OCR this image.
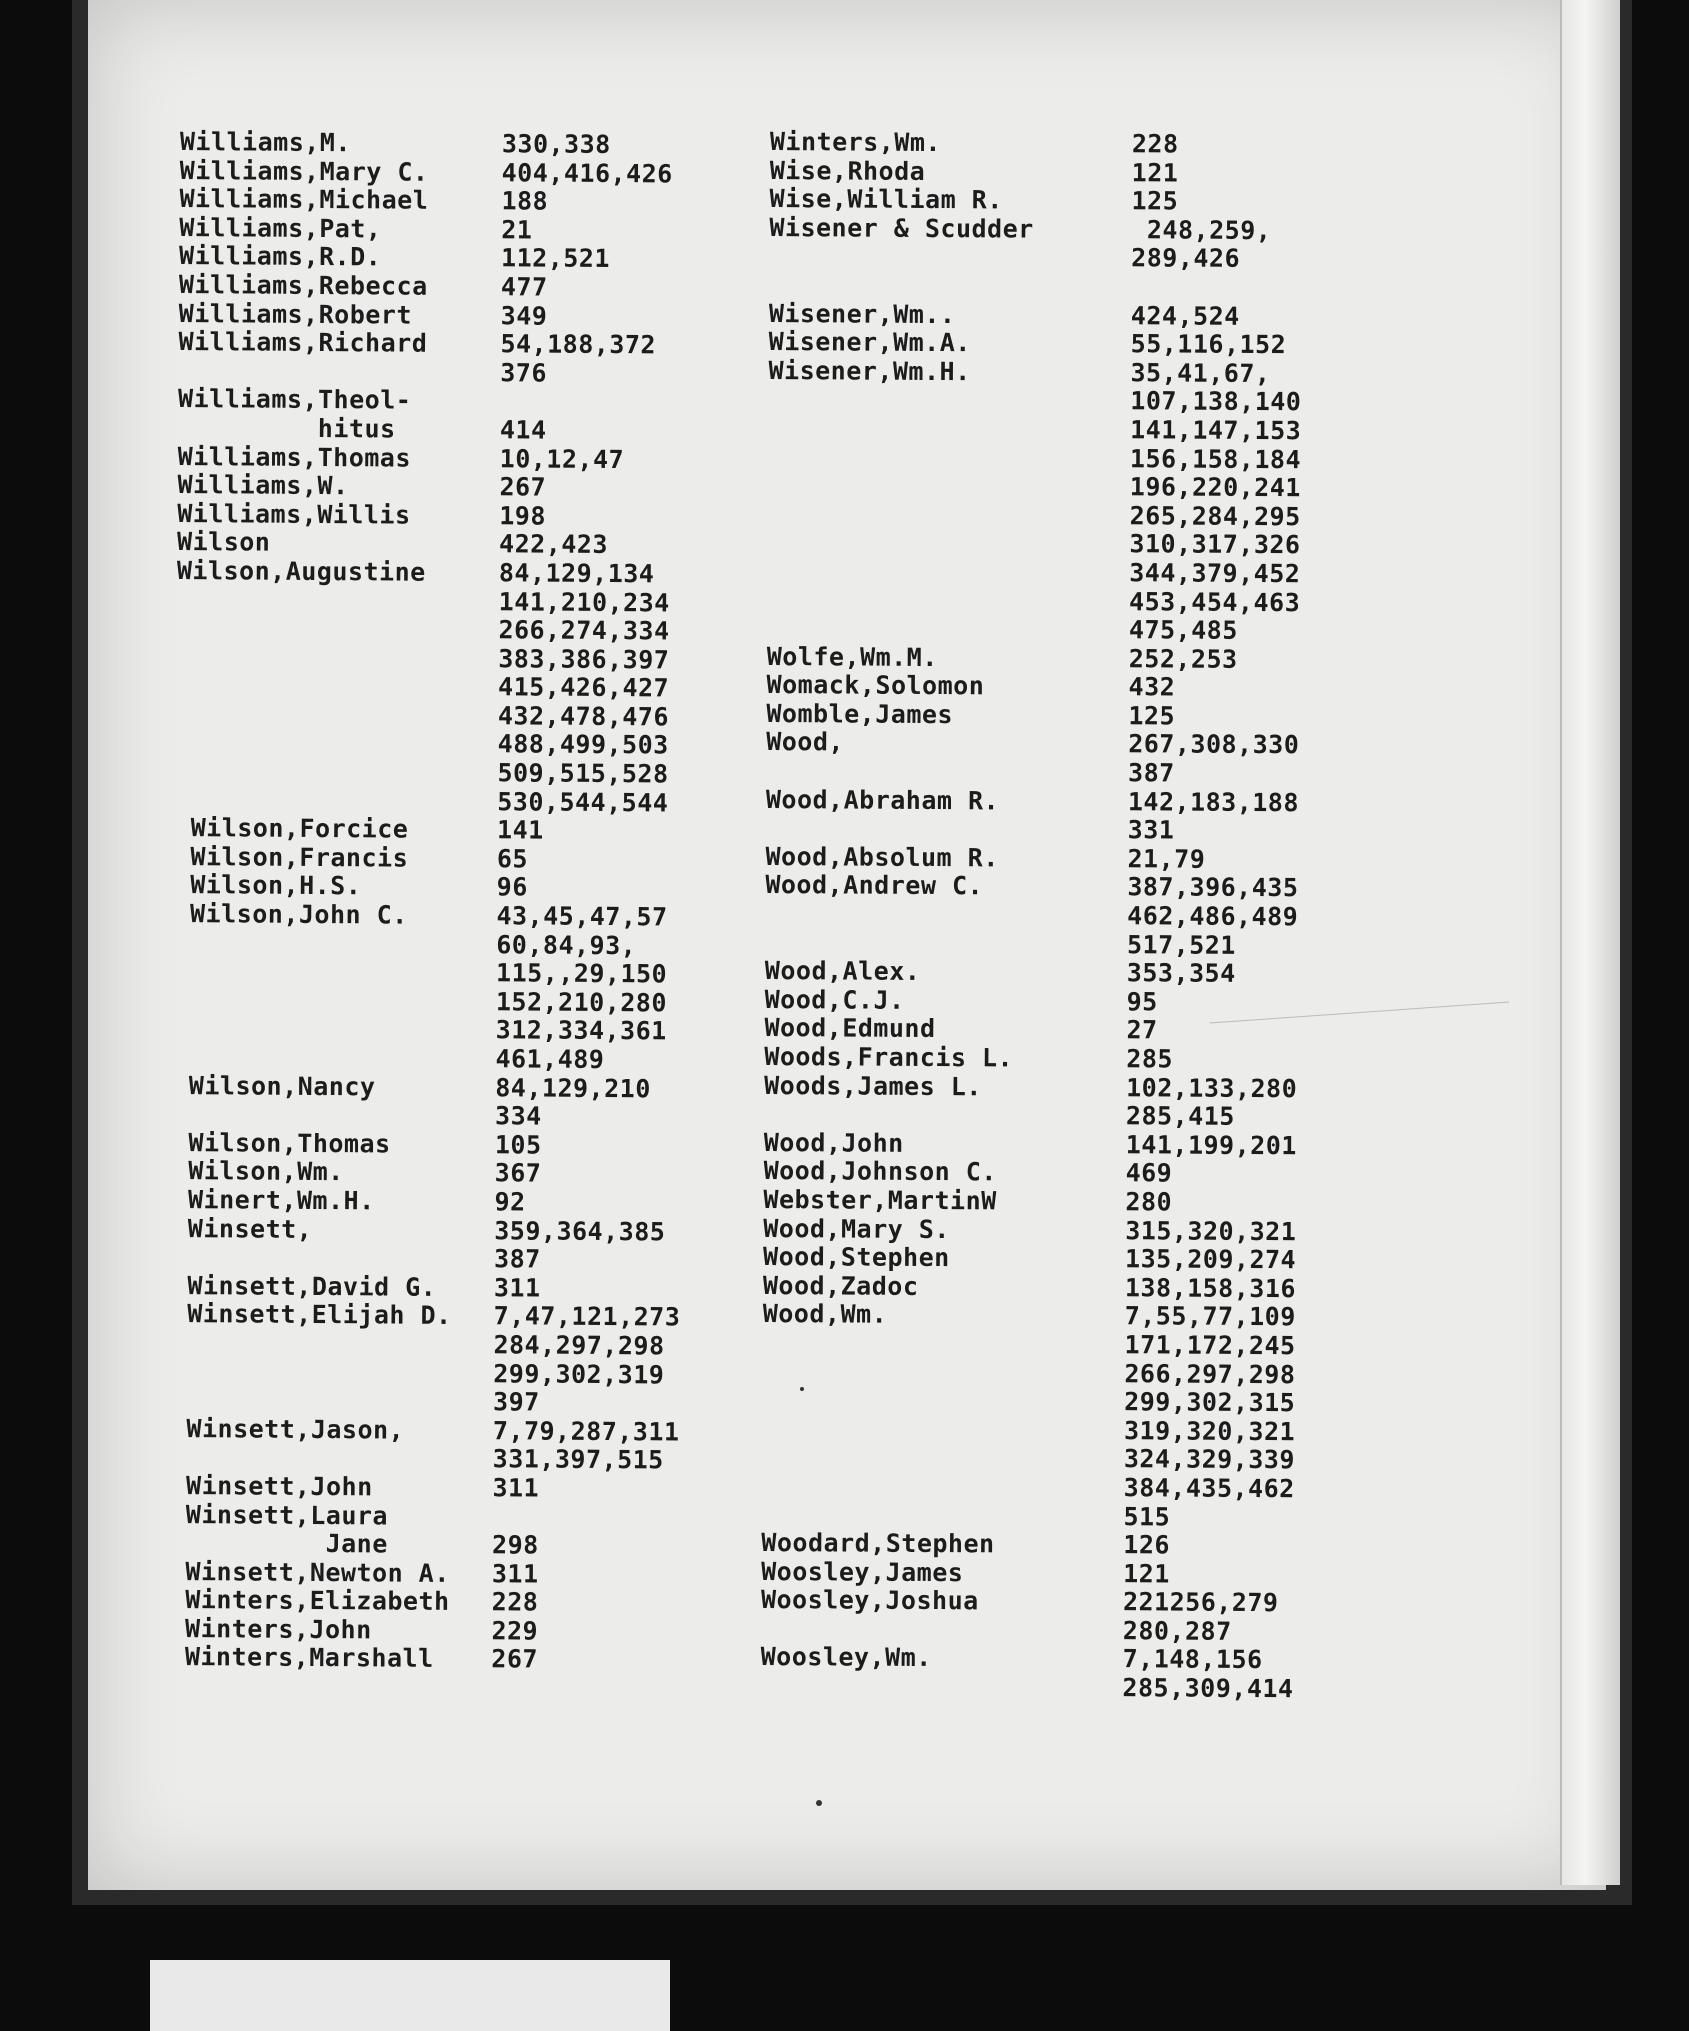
Williams,M.	330,338
Williams,Mary C.	404,416,426
Williams,Michael	188
Williams,Pat,	21
Williams,R.D.	112,521
Williams,Rebecca	477
Williams,Robert	349
Williams,Richard	54,188,372
376
Williams,Theol-
hitus	414
Williams,Thomas	10,12,47
Williams,W.	267
Williams,Willis	198
Wilson	422,423
Wilson,Augustine	84,129,134
141,210,234
266,274,334
383,386,397
415,426,427
432,478,476
488,499,503
509,515,528
530,544,544
Wilson,Forcice	141
Wilson,Francis	65
Wilson,H.S.	96
Wilson,John C.	43,45,47,57
60,84,93,
115,,29,150
152,210,280
312,334,361
461,489
Wilson,Nancy	84,129,210
334
Wilson,Thomas	105
Wilson,Wm.	367
Winert,Wm.H.	92
Winsett,	359,364,385
387
Winsett,David G. 311
Winsett,Elijah D. 7,47,121,273
284,297,298
299,302,319
397
Winsett,Jason,	7,79,287,311
331,397,515
Winsett,John	311
Winsett,Laura
Jane	298
Winsett,Newton A. 311
Winters,Elizabeth 228
Winters,John	229
Winters,Marshall 267
Winters,Wm.	228
Wise,Rhoda	121
Wise,William R.	125
Wisener & Scudder	248,259,
289,426
Wisener,Wm..	424,524
Wisener,Wm.A.	55,116,152
Wisener,Wm.H.	35,41,67,
107,138,140
141,147,153
156,158,184
196,220,241
265,284,295
310,317,326
344,379,452
453,454,463
475,485
Wolfe,Wm.M.	252,253
Womack,Solomon	432
Womble,James	125
Wood,	267,308,330
387
Wood,Abraham R.	142,183,188
331
Wood,Absolum R.	21,79
Wood,Andrew C.	387,396,435
462,486,489
517,521
Wood,Alex.	353,354
Wood,C.J.	95
Wood,Edmund	27
Woods,Francis L.	285
Woods,James L.	102,133,280
285,415
Wood,John	141,199,201
Wood,Johnson C.	469
Webster,MartinW	280
Wood,Mary S.	315,320,321
Wood,Stephen	135,209,274
Wood,Zadoc	138,158,316
Wood,Wm.	7,55,77,109
171,172,245
266,297,298
299,302,315
319,320,321
324,329,339
384,435,462
515
Woodard,Stephen	126
Woosley,James	121
Woosley,Joshua	221256,279
280,287
Woosley,Wm.	7,148,156
285,309,414
